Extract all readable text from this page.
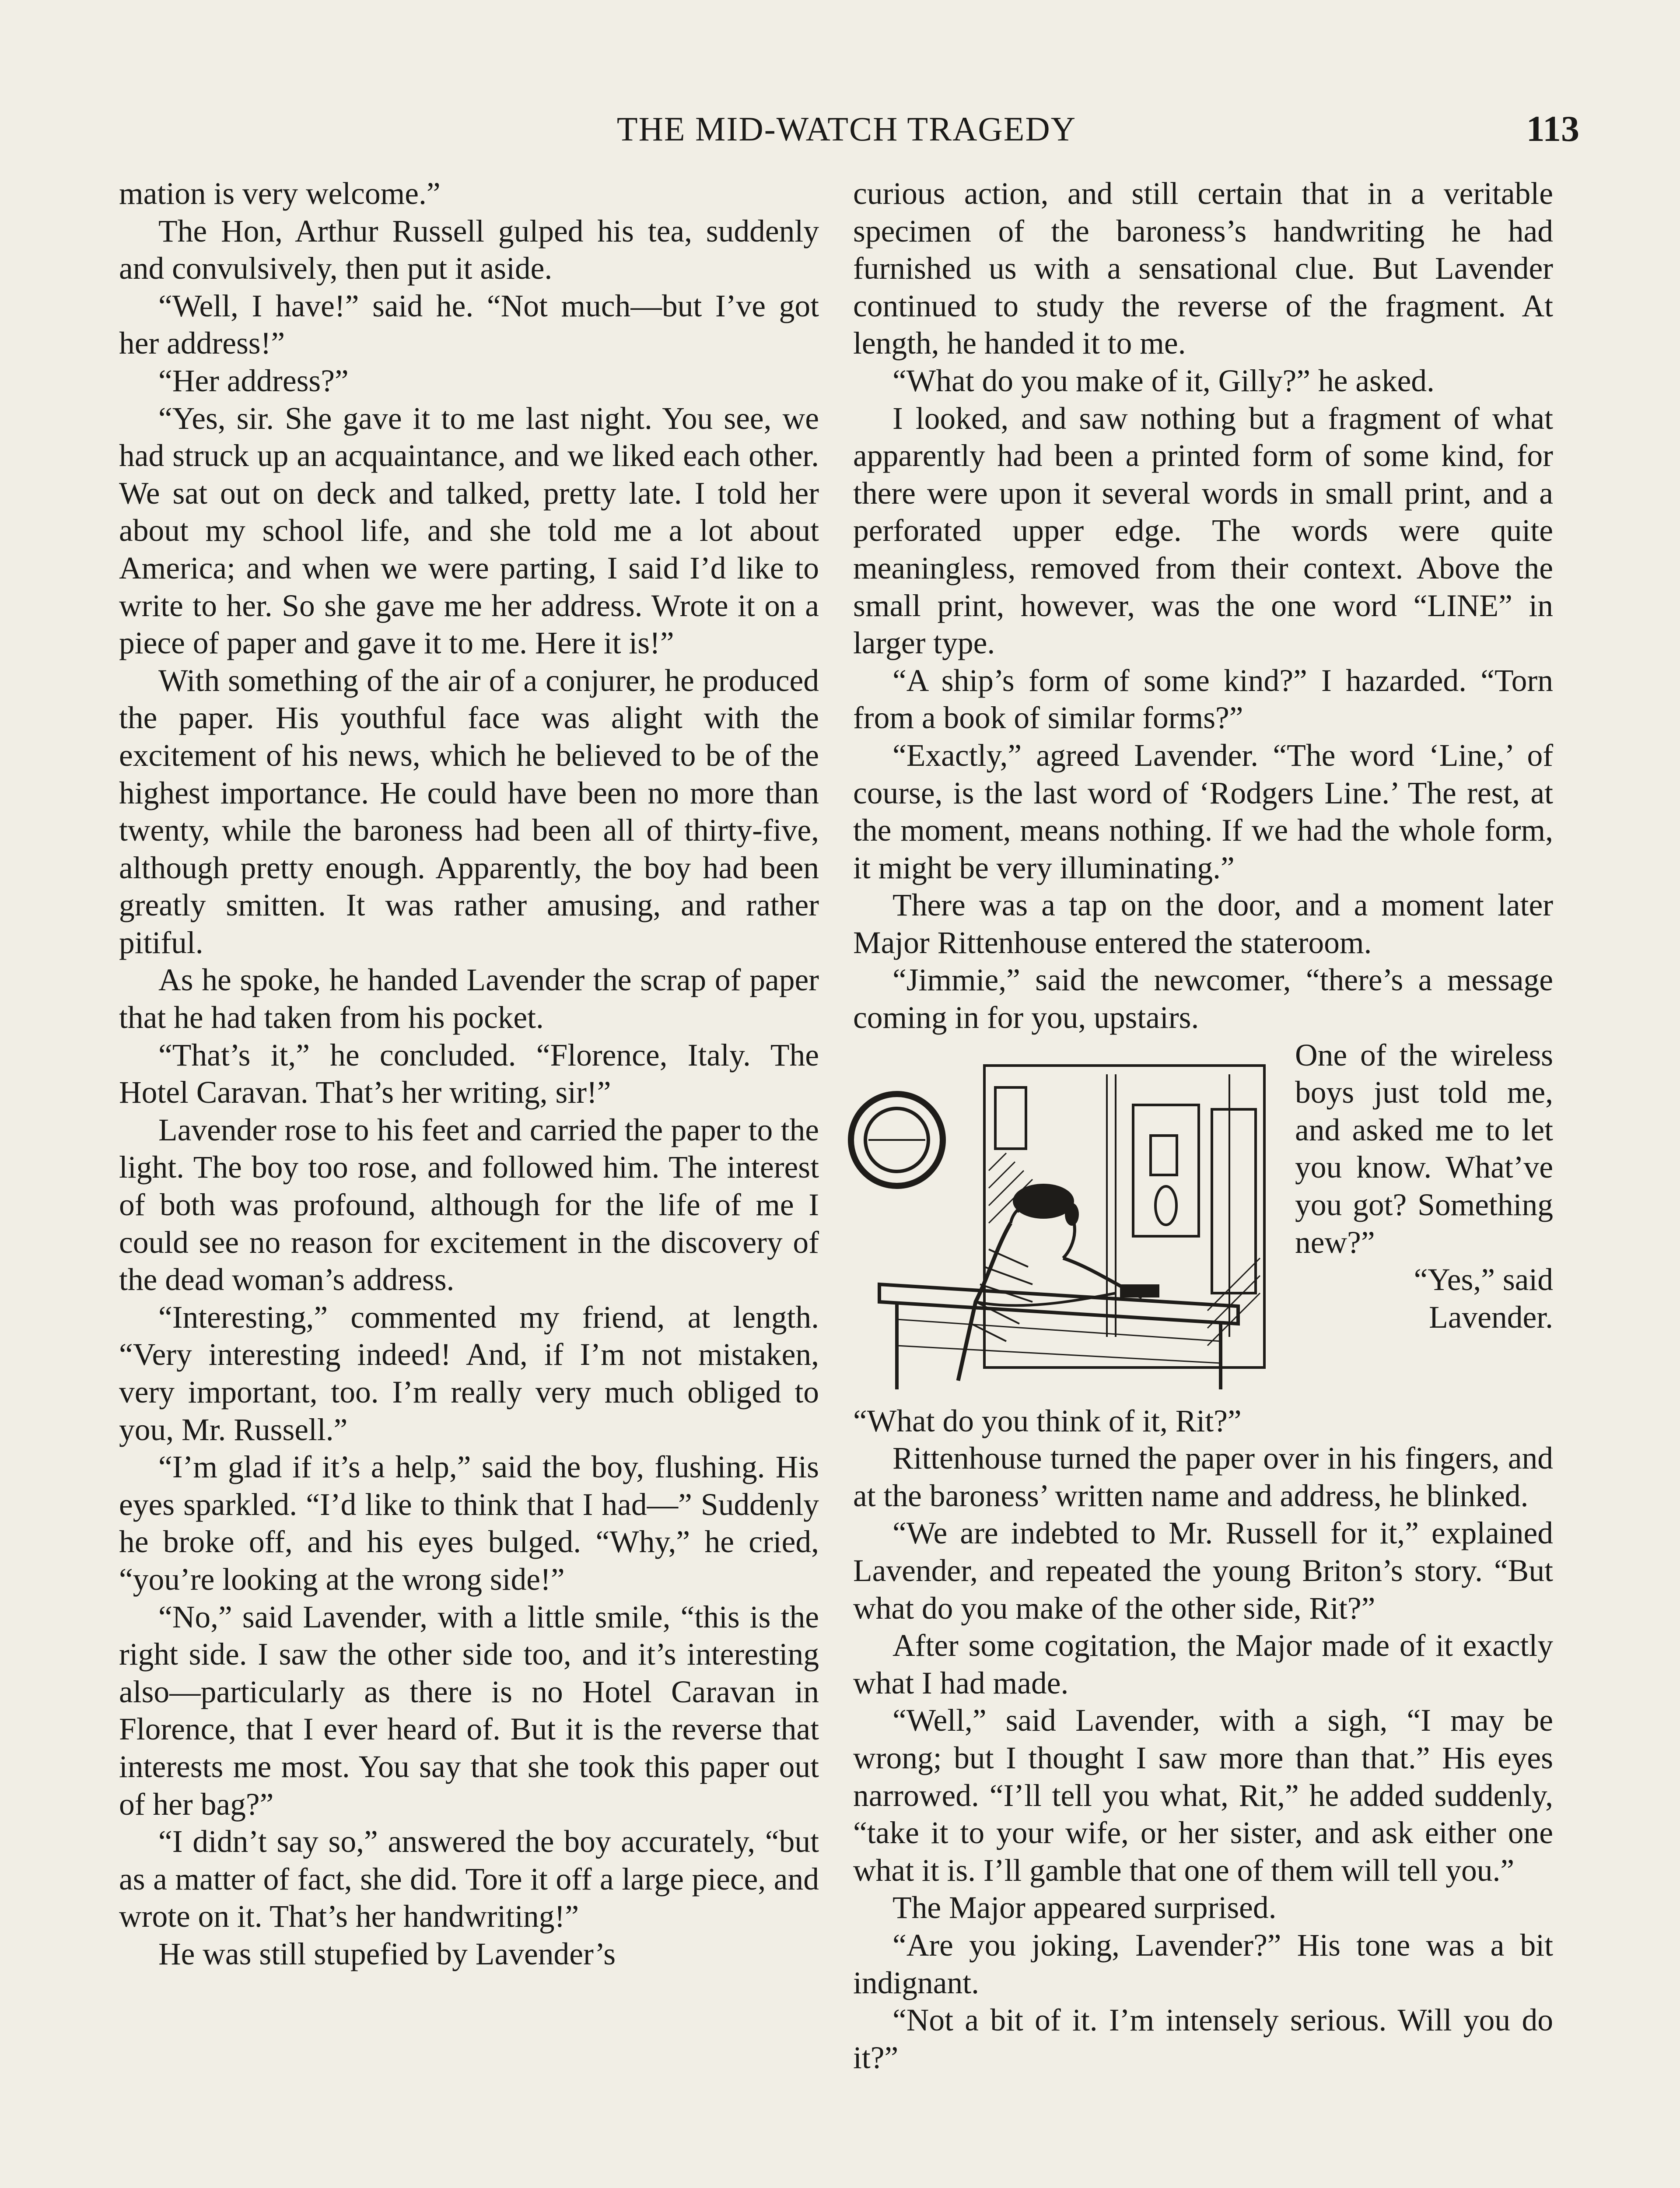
THE MID-WATCH TRAGEDY	113

mation is very welcome.”

The Hon, Arthur Russell gulped his tea, suddenly and convulsively, then put it aside.

“Well, I have!” said he. “Not much—but I’ve got her address!”

“Her address?”

“Yes, sir. She gave it to me last night. You see, we had struck up an acquaintance, and we liked each other. We sat out on deck and talked, pretty late. I told her about my school life, and she told me a lot about America; and when we were parting, I said I’d like to write to her. So she gave me her address. Wrote it on a piece of paper and gave it to me. Here it is!”

With something of the air of a conjurer, he produced the paper. His youthful face was alight with the excitement of his news, which he believed to be of the highest importance. He could have been no more than twenty, while the baroness had been all of thirty-five, although pretty enough. Apparently, the boy had been greatly smitten. It was rather amusing, and rather pitiful.

As he spoke, he handed Lavender the scrap of paper that he had taken from his pocket.

“That’s it,” he concluded. “Florence, Italy. The Hotel Caravan. That’s her writing, sir!”

Lavender rose to his feet and carried the paper to the light. The boy too rose, and followed him. The interest of both was profound, although for the life of me I could see no reason for excitement in the discovery of the dead woman’s address.

“Interesting,” commented my friend, at length. “Very interesting indeed! And, if I’m not mistaken, very important, too. I’m really very much obliged to you, Mr. Russell.”

“I’m glad if it’s a help,” said the boy, flushing. His eyes sparkled. “I’d like to think that I had—” Suddenly he broke off, and his eyes bulged. “Why,” he cried, “you’re looking at the wrong side!”

“No,” said Lavender, with a little smile, “this is the right side. I saw the other side too, and it’s interesting also—particularly as there is no Hotel Caravan in Florence, that I ever heard of. But it is the reverse that interests me most. You say that she took this paper out of her bag?”

“I didn’t say so,” answered the boy accurately, “but as a matter of fact, she did. Tore it off a large piece, and wrote on it. That’s her handwriting!”

He was still stupefied by Lavender’s

curious action, and still certain that in a veritable specimen of the baroness’s handwriting he had furnished us with a sensational clue. But Lavender continued to study the reverse of the fragment. At length, he handed it to me.

“What do you make of it, Gilly?” he asked.

I looked, and saw nothing but a fragment of what apparently had been a printed form of some kind, for there were upon it several words in small print, and a perforated upper edge. The words were quite meaningless, removed from their context. Above the small print, however, was the one word “LINE” in larger type.

“A ship’s form of some kind?” I hazarded. “Torn from a book of similar forms?”

“Exactly,” agreed Lavender. “The word ‘Line,’ of course, is the last word of ‘Rodgers Line.’ The rest, at the moment, means nothing. If we had the whole form, it might be very illuminating.”

There was a tap on the door, and a moment later Major Rittenhouse entered the stateroom.

“Jimmie,” said the newcomer, “there’s a message coming in for you, upstairs.

One of the wireless boys just told me, and asked me to let you know. What’ve you got? Something new?”

“Yes,” said Lavender.

“What do you think of it, Rit?”

Rittenhouse turned the paper over in his fingers, and at the baroness’ written name and address, he blinked.

“We are indebted to Mr. Russell for it,” explained Lavender, and repeated the young Briton’s story. “But what do you make of the other side, Rit?”

After some cogitation, the Major made of it exactly what I had made.

“Well,” said Lavender, with a sigh, “I may be wrong; but I thought I saw more than that.” His eyes narrowed. “I’ll tell you what, Rit,” he added suddenly, “take it to your wife, or her sister, and ask either one what it is. I’ll gamble that one of them will tell you.”

The Major appeared surprised.

“Are you joking, Lavender?” His tone was a bit indignant.

“Not a bit of it. I’m intensely serious. Will you do it?”
